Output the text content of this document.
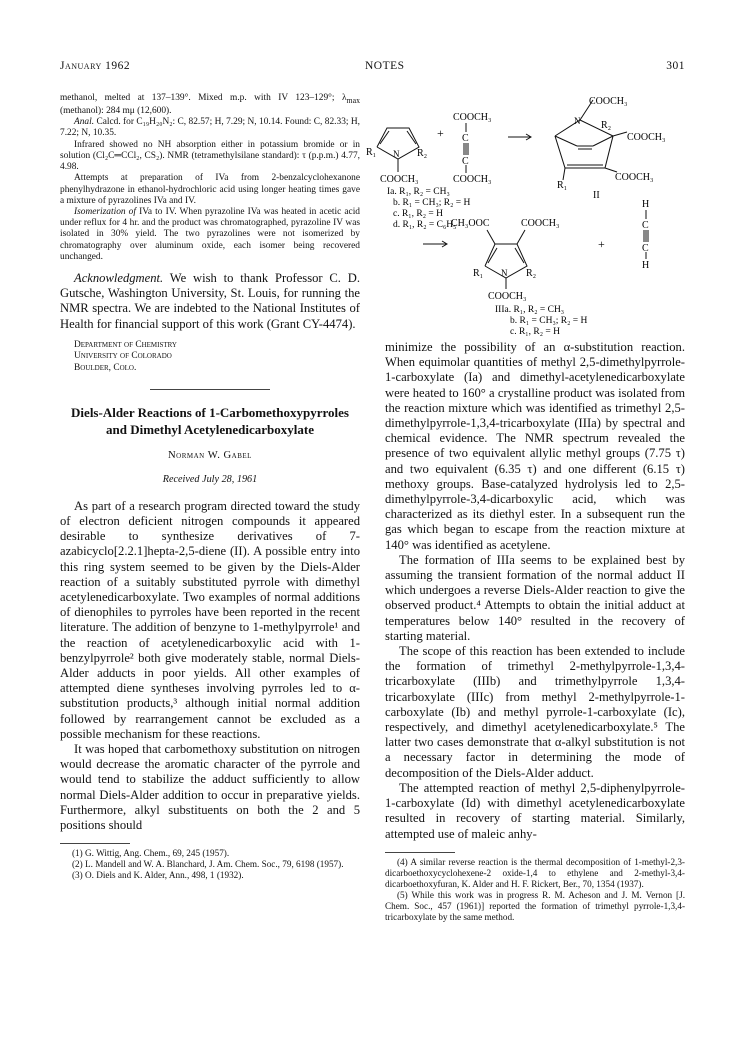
January 1962	NOTES	301

methanol, melted at 137–139°. Mixed m.p. with IV 123–129°; $\lambda_{max}$ (methanol): 284 mμ (12,600).

Anal. Calcd. for C₁₉H₂₀N₂: C, 82.57; H, 7.29; N, 10.14. Found: C, 82.33; H, 7.22; N, 10.35.

Infrared showed no NH absorption either in potassium bromide or in solution (Cl₂C═CCl₂, CS₂). NMR (tetramethylsilane standard): τ (p.p.m.) 4.77, 4.98.

Attempts at preparation of IVa from 2-benzalcyclohexanone phenylhydrazone in ethanol-hydrochloric acid using longer heating times gave a mixture of pyrazolines IVa and IV.

Isomerization of IVa to IV. When pyrazoline IVa was heated in acetic acid under reflux for 4 hr. and the product was chromatographed, pyrazoline IV was isolated in 30% yield. The two pyrazolines were not isomerized by chromatography over aluminum oxide, each isomer being recovered unchanged.

Acknowledgment. We wish to thank Professor C. D. Gutsche, Washington University, St. Louis, for running the NMR spectra. We are indebted to the National Institutes of Health for financial support of this work (Grant CY-4474).

Department of Chemistry
University of Colorado
Boulder, Colo.

Diels-Alder Reactions of 1-Carbomethoxypyrroles and Dimethyl Acetylenedicarboxylate

Norman W. Gabel

Received July 28, 1961

As part of a research program directed toward the study of electron deficient nitrogen compounds it appeared desirable to synthesize derivatives of 7-azabicyclo[2.2.1]hepta-2,5-diene (II). A possible entry into this ring system seemed to be given by the Diels-Alder reaction of a suitably substituted pyrrole with dimethyl acetylenedicarboxylate. Two examples of normal additions of dienophiles to pyrroles have been reported in the recent literature. The addition of benzyne to 1-methylpyrrole¹ and the reaction of acetylenedicarboxylic acid with 1-benzylpyrrole² both give moderately stable, normal Diels-Alder adducts in poor yields. All other examples of attempted diene syntheses involving pyrroles led to α-substitution products,³ although initial normal addition followed by rearrangement cannot be excluded as a possible mechanism for these reactions.

It was hoped that carbomethoxy substitution on nitrogen would decrease the aromatic character of the pyrrole and would tend to stabilize the adduct sufficiently to allow normal Diels-Alder addition to occur in preparative yields. Furthermore, alkyl substituents on both the 2 and 5 positions should

(1) G. Wittig, Ang. Chem., 69, 245 (1957).

(2) L. Mandell and W. A. Blanchard, J. Am. Chem. Soc., 79, 6198 (1957).

(3) O. Diels and K. Alder, Ann., 498, 1 (1932).

R₁ N R₂
COOCH₃
Ia. R₁, R₂ = CH₃
b. R₁ = CH₃; R₂ = H
c. R₁, R₂ = H
d. R₁, R₂ = C₆H₅
+
COOCH₃
C
C
COOCH₃
COOCH₃
N R₂
COOCH₃
COOCH₃
R₁
II
CH₃OOC	COOCH₃
R₁ N R₂
COOCH₃
IIIa. R₁, R₂ = CH₃
b. R₁ = CH₃; R₂ = H
c. R₁, R₂ = H
+
H
C
C
H

minimize the possibility of an α-substitution reaction. When equimolar quantities of methyl 2,5-dimethylpyrrole-1-carboxylate (Ia) and dimethyl-acetylenedicarboxylate were heated to 160° a crystalline product was isolated from the reaction mixture which was identified as trimethyl 2,5-dimethylpyrrole-1,3,4-tricarboxylate (IIIa) by spectral and chemical evidence. The NMR spectrum revealed the presence of two equivalent allylic methyl groups (7.75 τ) and two equivalent (6.35 τ) and one different (6.15 τ) methoxy groups. Base-catalyzed hydrolysis led to 2,5-dimethylpyrrole-3,4-dicarboxylic acid, which was characterized as its diethyl ester. In a subsequent run the gas which began to escape from the reaction mixture at 140° was identified as acetylene.

The formation of IIIa seems to be explained best by assuming the transient formation of the normal adduct II which undergoes a reverse Diels-Alder reaction to give the observed product.⁴ Attempts to obtain the initial adduct at temperatures below 140° resulted in the recovery of starting material.

The scope of this reaction has been extended to include the formation of trimethyl 2-methylpyrrole-1,3,4-tricarboxylate (IIIb) and trimethylpyrrole 1,3,4-tricarboxylate (IIIc) from methyl 2-methylpyrrole-1-carboxylate (Ib) and methyl pyrrole-1-carboxylate (Ic), respectively, and dimethyl acetylenedicarboxylate.⁵ The latter two cases demonstrate that α-alkyl substitution is not a necessary factor in determining the mode of decomposition of the Diels-Alder adduct.

The attempted reaction of methyl 2,5-diphenylpyrrole-1-carboxylate (Id) with dimethyl acetylenedicarboxylate resulted in recovery of starting material. Similarly, attempted use of maleic anhy-

(4) A similar reverse reaction is the thermal decomposition of 1-methyl-2,3-dicarboethoxycyclohexene-2 oxide-1,4 to ethylene and 2-methyl-3,4-dicarboethoxyfuran, K. Alder and H. F. Rickert, Ber., 70, 1354 (1937).

(5) While this work was in progress R. M. Acheson and J. M. Vernon [J. Chem. Soc., 457 (1961)] reported the formation of trimethyl pyrrole-1,3,4-tricarboxylate by the same method.
